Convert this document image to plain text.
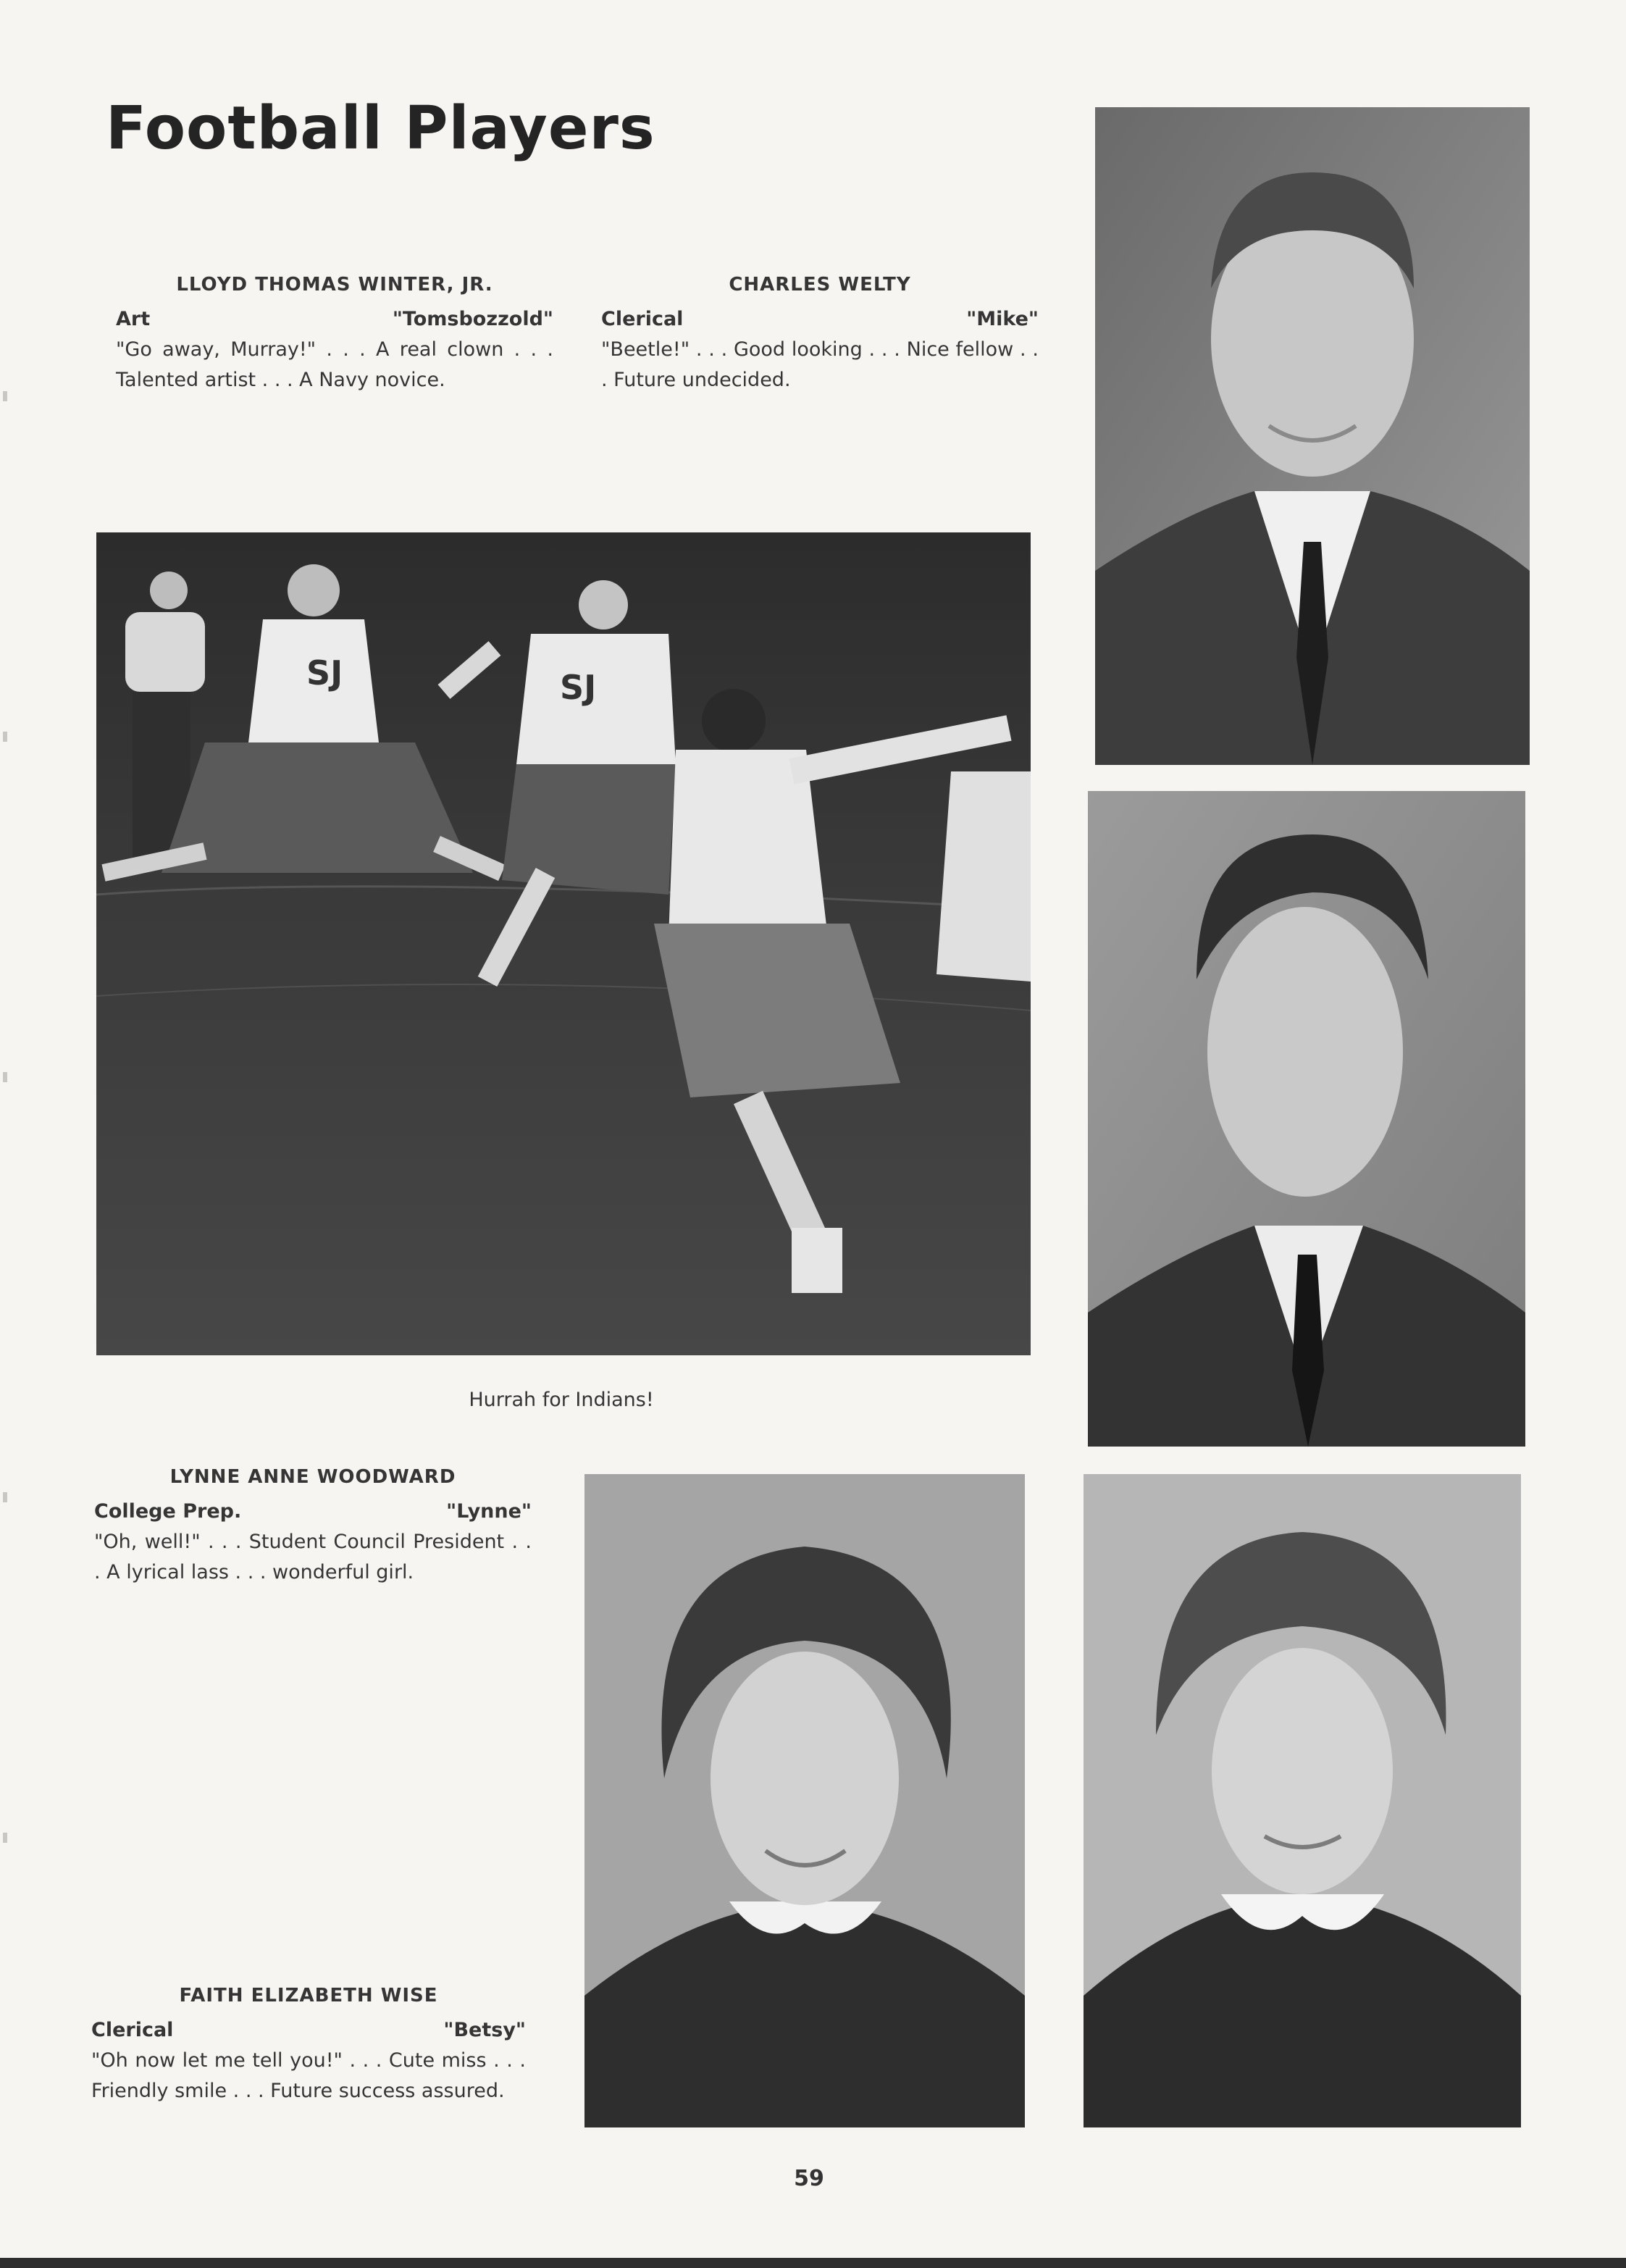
Football Players
LLOYD THOMAS WINTER, JR.
Art	"Tomsbozzold"
"Go away, Murray!" . . . A real clown . . . Talented artist . . . A Navy novice.
CHARLES WELTY
Clerical	"Mike"
"Beetle!" . . . Good looking . . . Nice fellow . . . Future undecided.
LYNNE ANNE WOODWARD
College Prep.	"Lynne"
"Oh, well!" . . . Student Council President . . . A lyrical lass . . . wonderful girl.
FAITH ELIZABETH WISE
Clerical	"Betsy"
"Oh now let me tell you!" . . . Cute miss . . . Friendly smile . . . Future success assured.
SJ	SJ
Hurrah for Indians!
59
